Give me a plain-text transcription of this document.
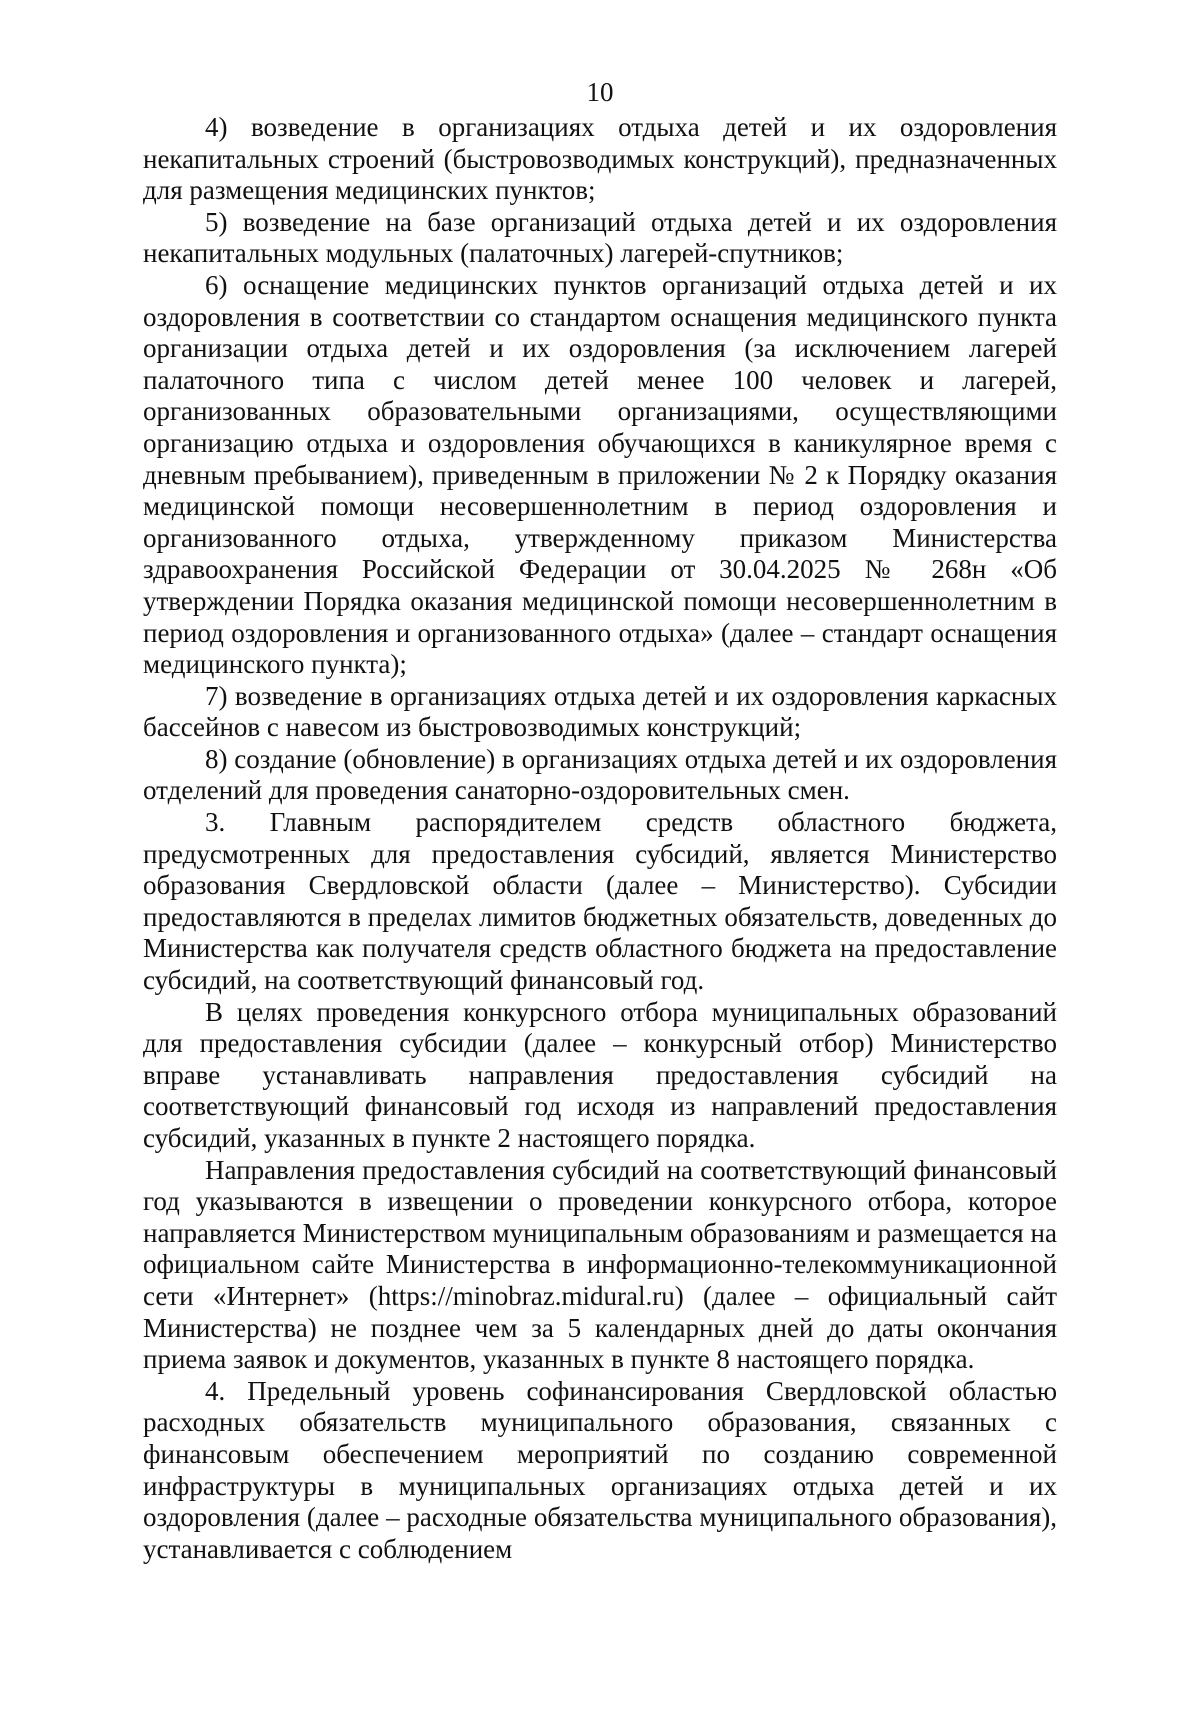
10

4) возведение в организациях отдыха детей и их оздоровления некапитальных строений (быстровозводимых конструкций), предназначенных для размещения медицинских пунктов;

5) возведение на базе организаций отдыха детей и их оздоровления некапитальных модульных (палаточных) лагерей-спутников;

6) оснащение медицинских пунктов организаций отдыха детей и их оздоровления в соответствии со стандартом оснащения медицинского пункта организации отдыха детей и их оздоровления (за исключением лагерей палаточного типа с числом детей менее 100 человек и лагерей, организованных образовательными организациями, осуществляющими организацию отдыха и оздоровления обучающихся в каникулярное время с дневным пребыванием), приведенным в приложении № 2 к Порядку оказания медицинской помощи несовершеннолетним в период оздоровления и организованного отдыха, утвержденному приказом Министерства здравоохранения Российской Федерации от 30.04.2025 № 268н «Об утверждении Порядка оказания медицинской помощи несовершеннолетним в период оздоровления и организованного отдыха» (далее – стандарт оснащения медицинского пункта);

7) возведение в организациях отдыха детей и их оздоровления каркасных бассейнов с навесом из быстровозводимых конструкций;

8) создание (обновление) в организациях отдыха детей и их оздоровления отделений для проведения санаторно-оздоровительных смен.

3. Главным распорядителем средств областного бюджета, предусмотренных для предоставления субсидий, является Министерство образования Свердловской области (далее – Министерство). Субсидии предоставляются в пределах лимитов бюджетных обязательств, доведенных до Министерства как получателя средств областного бюджета на предоставление субсидий, на соответствующий финансовый год.

В целях проведения конкурсного отбора муниципальных образований для предоставления субсидии (далее – конкурсный отбор) Министерство вправе устанавливать направления предоставления субсидий на соответствующий финансовый год исходя из направлений предоставления субсидий, указанных в пункте 2 настоящего порядка.

Направления предоставления субсидий на соответствующий финансовый год указываются в извещении о проведении конкурсного отбора, которое направляется Министерством муниципальным образованиям и размещается на официальном сайте Министерства в информационно-телекоммуникационной сети «Интернет» (https://minobraz.midural.ru) (далее – официальный сайт Министерства) не позднее чем за 5 календарных дней до даты окончания приема заявок и документов, указанных в пункте 8 настоящего порядка.

4. Предельный уровень софинансирования Свердловской областью расходных обязательств муниципального образования, связанных с финансовым обеспечением мероприятий по созданию современной инфраструктуры в муниципальных организациях отдыха детей и их оздоровления (далее – расходные обязательства муниципального образования), устанавливается с соблюдением
